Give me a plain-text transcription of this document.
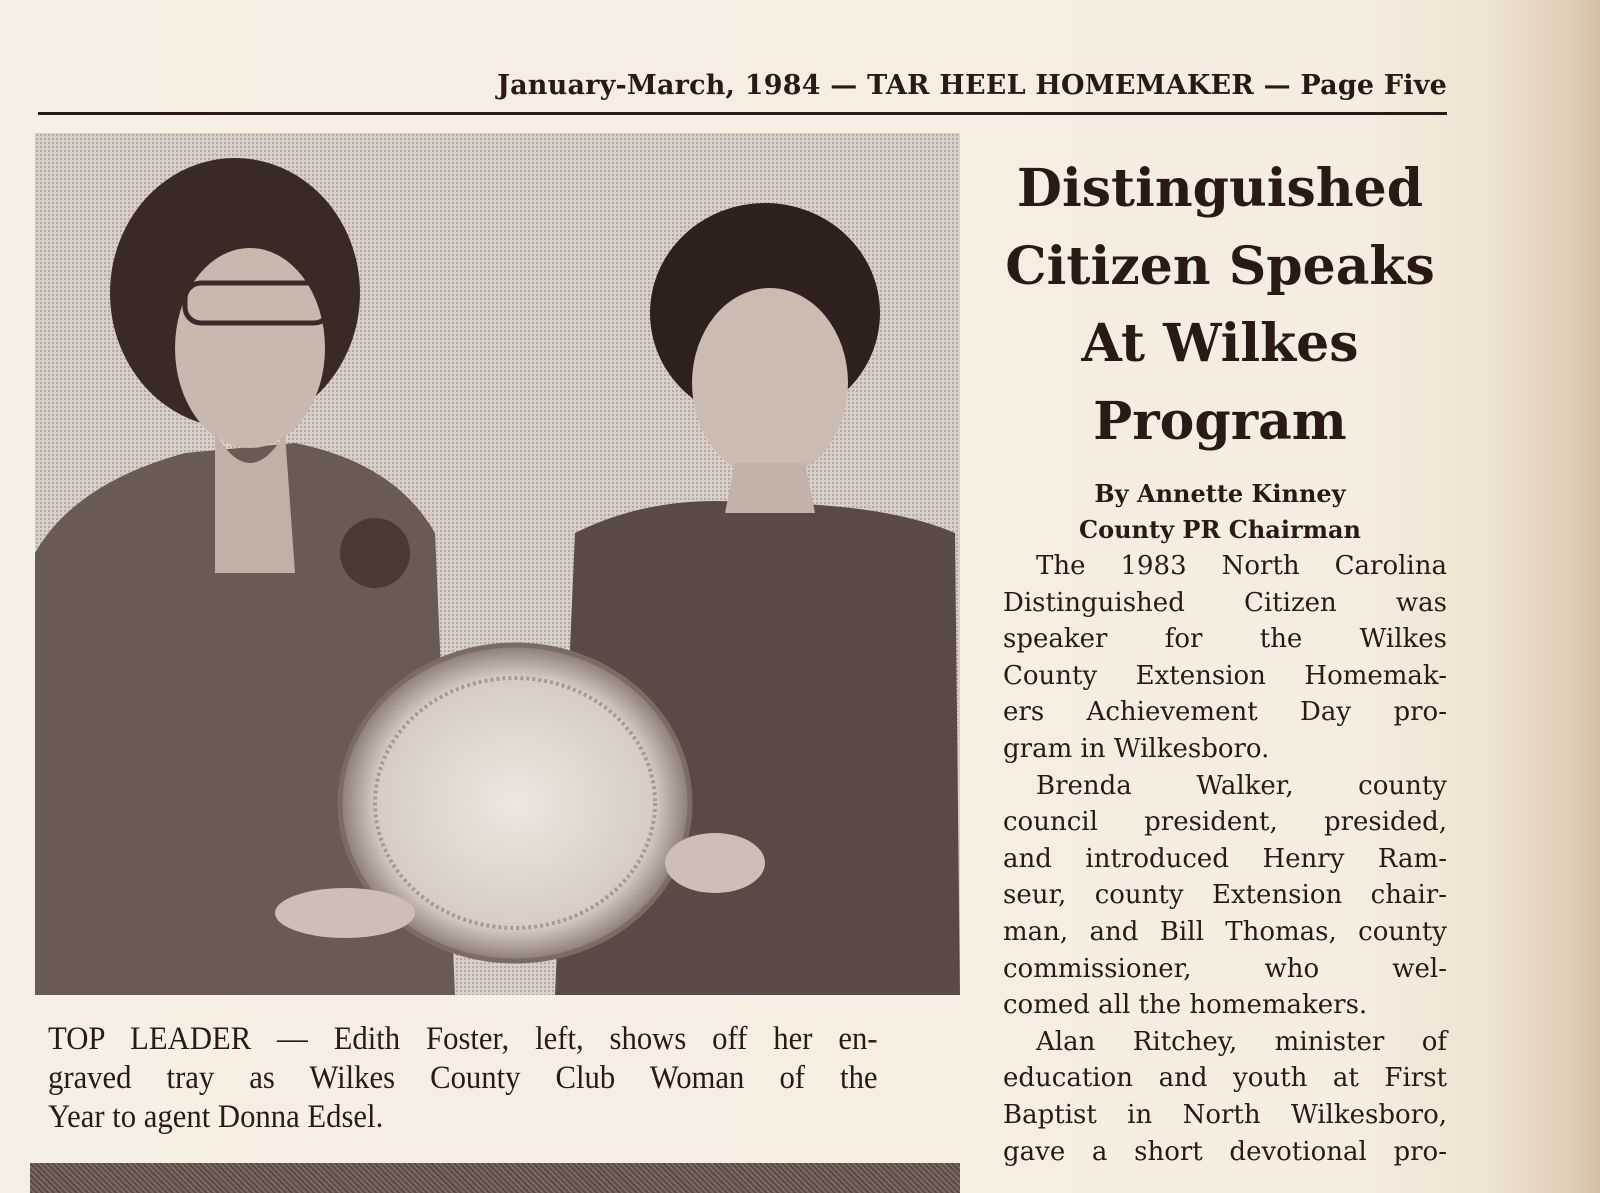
January-March, 1984 — TAR HEEL HOMEMAKER — Page Five
TOP LEADER — Edith Foster, left, shows off her en-
graved tray as Wilkes County Club Woman of the
Year to agent Donna Edsel.
Distinguished
Citizen Speaks
At Wilkes
Program
By Annette Kinney
County PR Chairman
The 1983 North Carolina
Distinguished Citizen was
speaker for the Wilkes
County Extension Homemak-
ers Achievement Day pro-
gram in Wilkesboro.
Brenda Walker, county
council president, presided,
and introduced Henry Ram-
seur, county Extension chair-
man, and Bill Thomas, county
commissioner, who wel-
comed all the homemakers.
Alan Ritchey, minister of
education and youth at First
Baptist in North Wilkesboro,
gave a short devotional pro-
